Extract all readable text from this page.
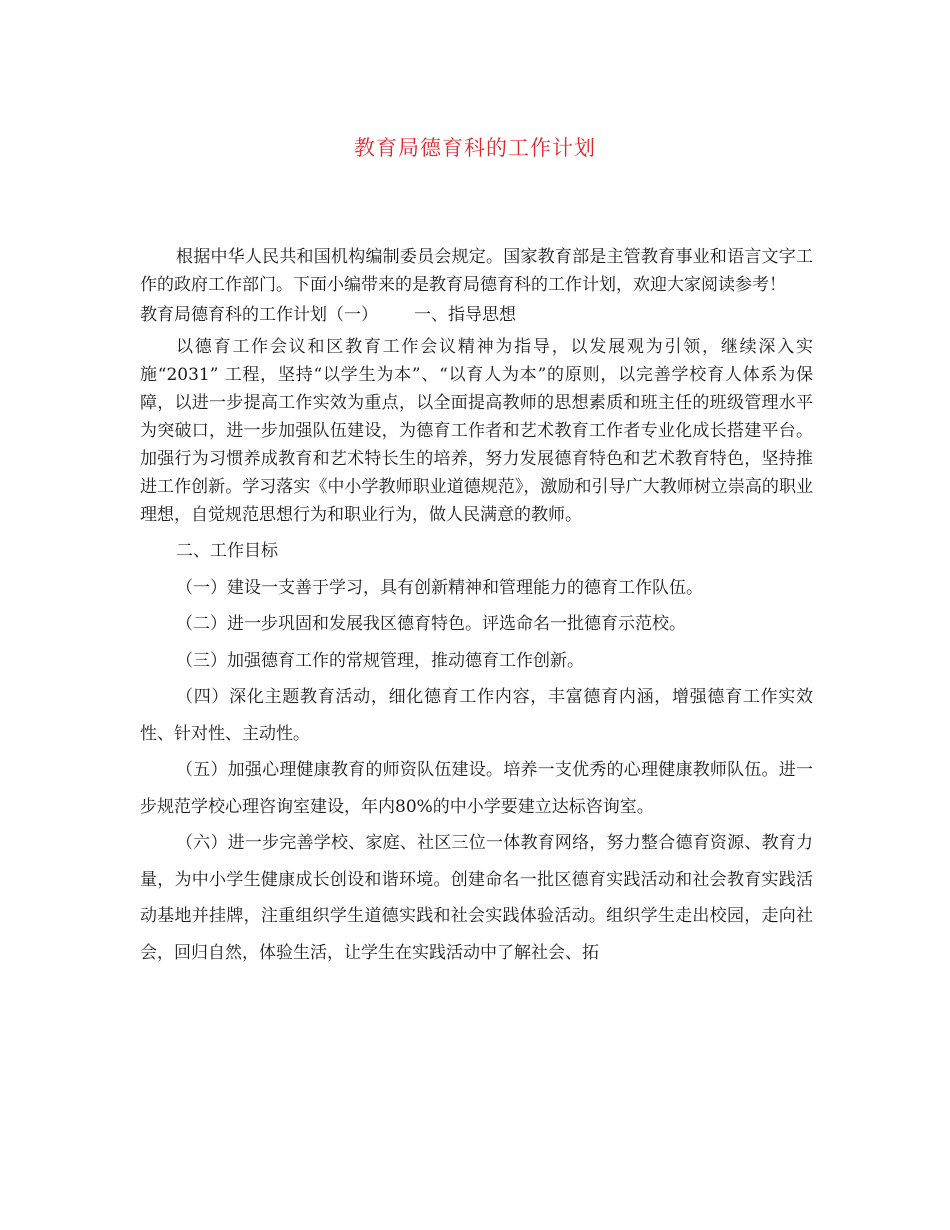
教育局德育科的工作计划

根据中华人民共和国机构编制委员会规定。国家教育部是主管教育事业和语言文字工作的政府工作部门。下面小编带来的是教育局德育科的工作计划，欢迎大家阅读参考！

教育局德育科的工作计划（一） 一、指导思想

以德育工作会议和区教育工作会议精神为指导，以发展观为引领，继续深入实施“2031” 工程，坚持“以学生为本”、“以育人为本”的原则，以完善学校育人体系为保障，以进一步提高工作实效为重点，以全面提高教师的思想素质和班主任的班级管理水平为突破口，进一步加强队伍建设，为德育工作者和艺术教育工作者专业化成长搭建平台。加强行为习惯养成教育和艺术特长生的培养，努力发展德育特色和艺术教育特色，坚持推进工作创新。学习落实《中小学教师职业道德规范》，激励和引导广大教师树立崇高的职业理想，自觉规范思想行为和职业行为，做人民满意的教师。

二、工作目标

（一）建设一支善于学习，具有创新精神和管理能力的德育工作队伍。

（二）进一步巩固和发展我区德育特色。评选命名一批德育示范校。

（三）加强德育工作的常规管理，推动德育工作创新。

（四）深化主题教育活动，细化德育工作内容，丰富德育内涵，增强德育工作实效性、针对性、主动性。

（五）加强心理健康教育的师资队伍建设。培养一支优秀的心理健康教师队伍。进一步规范学校心理咨询室建设，年内80%的中小学要建立达标咨询室。

（六）进一步完善学校、家庭、社区三位一体教育网络，努力整合德育资源、教育力量，为中小学生健康成长创设和谐环境。创建命名一批区德育实践活动和社会教育实践活动基地并挂牌，注重组织学生道德实践和社会实践体验活动。组织学生走出校园，走向社会，回归自然，体验生活，让学生在实践活动中了解社会、拓
